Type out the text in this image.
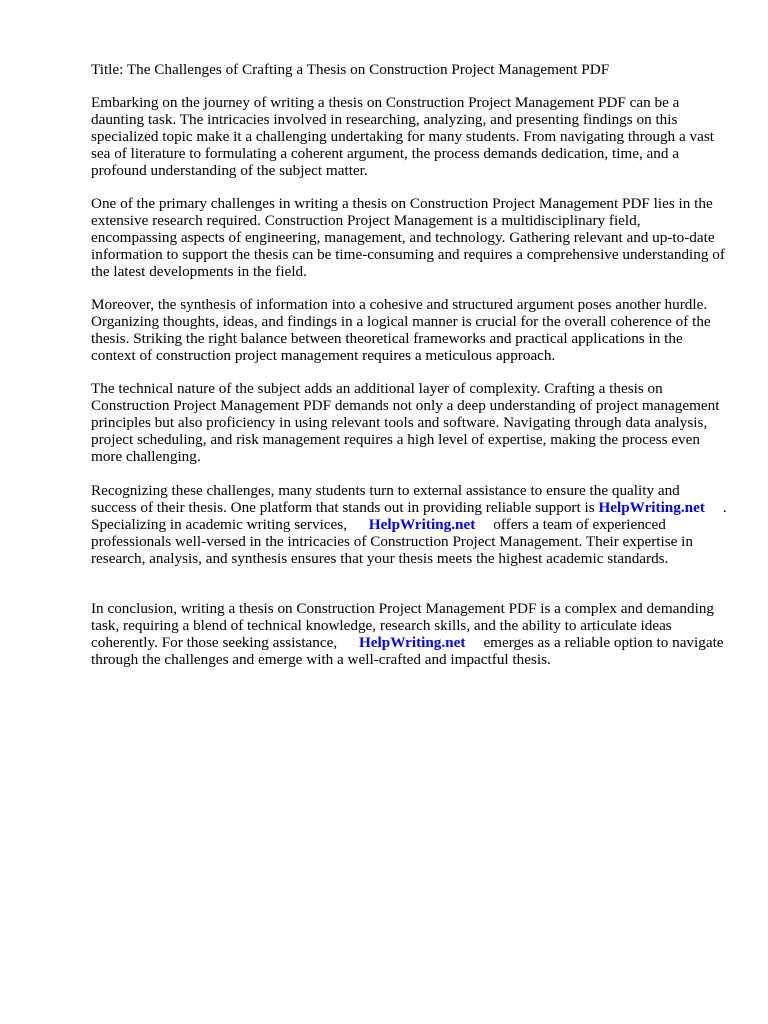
Title: The Challenges of Crafting a Thesis on Construction Project Management PDF

Embarking on the journey of writing a thesis on Construction Project Management PDF can be a daunting task. The intricacies involved in researching, analyzing, and presenting findings on this specialized topic make it a challenging undertaking for many students. From navigating through a vast sea of literature to formulating a coherent argument, the process demands dedication, time, and a profound understanding of the subject matter.

One of the primary challenges in writing a thesis on Construction Project Management PDF lies in the extensive research required. Construction Project Management is a multidisciplinary field, encompassing aspects of engineering, management, and technology. Gathering relevant and up-to-date information to support the thesis can be time-consuming and requires a comprehensive understanding of the latest developments in the field.

Moreover, the synthesis of information into a cohesive and structured argument poses another hurdle. Organizing thoughts, ideas, and findings in a logical manner is crucial for the overall coherence of the thesis. Striking the right balance between theoretical frameworks and practical applications in the context of construction project management requires a meticulous approach.

The technical nature of the subject adds an additional layer of complexity. Crafting a thesis on Construction Project Management PDF demands not only a deep understanding of project management principles but also proficiency in using relevant tools and software. Navigating through data analysis, project scheduling, and risk management requires a high level of expertise, making the process even more challenging.

Recognizing these challenges, many students turn to external assistance to ensure the quality and success of their thesis. One platform that stands out in providing reliable support is HelpWriting.net . Specializing in academic writing services, HelpWriting.net offers a team of experienced professionals well-versed in the intricacies of Construction Project Management. Their expertise in research, analysis, and synthesis ensures that your thesis meets the highest academic standards.

In conclusion, writing a thesis on Construction Project Management PDF is a complex and demanding task, requiring a blend of technical knowledge, research skills, and the ability to articulate ideas coherently. For those seeking assistance, HelpWriting.net emerges as a reliable option to navigate through the challenges and emerge with a well-crafted and impactful thesis.
